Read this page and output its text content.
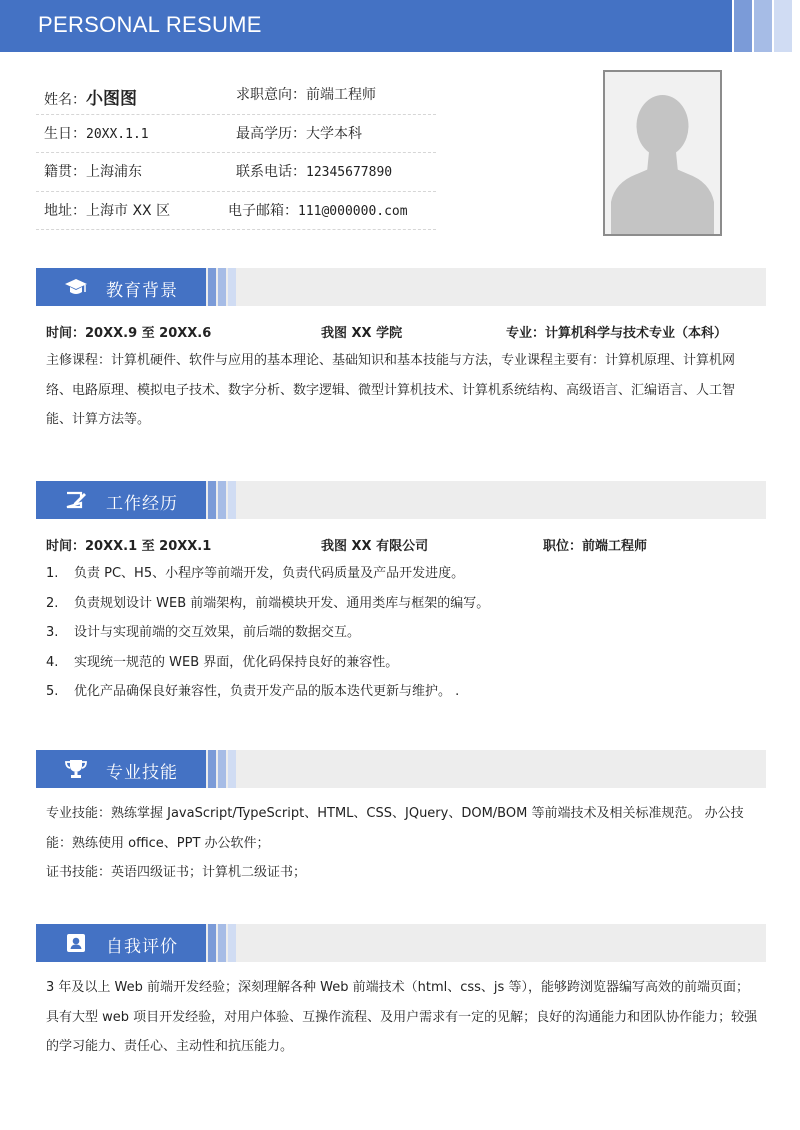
PERSONAL RESUME
姓名：小图图	求职意向：前端工程师
生日：20XX.1.1	最高学历：大学本科
籍贯：上海浦东	联系电话：12345677890
地址：上海市 XX 区	电子邮箱：111@000000.com
教育背景
时间：20XX.9 至 20XX.6	我图 XX 学院	专业：计算机科学与技术专业（本科）
主修课程：计算机硬件、软件与应用的基本理论、基础知识和基本技能与方法，专业课程主要有：计算机原理、计算机网络、电路原理、模拟电子技术、数字分析、数字逻辑、微型计算机技术、计算机系统结构、高级语言、汇编语言、人工智能、计算方法等。
工作经历
时间：20XX.1 至 20XX.1	我图 XX 有限公司	职位：前端工程师
1. 负责 PC、H5、小程序等前端开发，负责代码质量及产品开发进度。
2. 负责规划设计 WEB 前端架构，前端模块开发、通用类库与框架的编写。
3. 设计与实现前端的交互效果，前后端的数据交互。
4. 实现统一规范的 WEB 界面，优化码保持良好的兼容性。
5. 优化产品确保良好兼容性，负责开发产品的版本迭代更新与维护。 .
专业技能
专业技能：熟练掌握 JavaScript/TypeScript、HTML、CSS、JQuery、DOM/BOM 等前端技术及相关标准规范。 办公技能：熟练使用 office、PPT 办公软件；
证书技能：英语四级证书；计算机二级证书；
自我评价
3 年及以上 Web 前端开发经验；深刻理解各种 Web 前端技术（html、css、js 等），能够跨浏览器编写高效的前端页面；具有大型 web 项目开发经验，对用户体验、互操作流程、及用户需求有一定的见解；良好的沟通能力和团队协作能力；较强的学习能力、责任心、主动性和抗压能力。
